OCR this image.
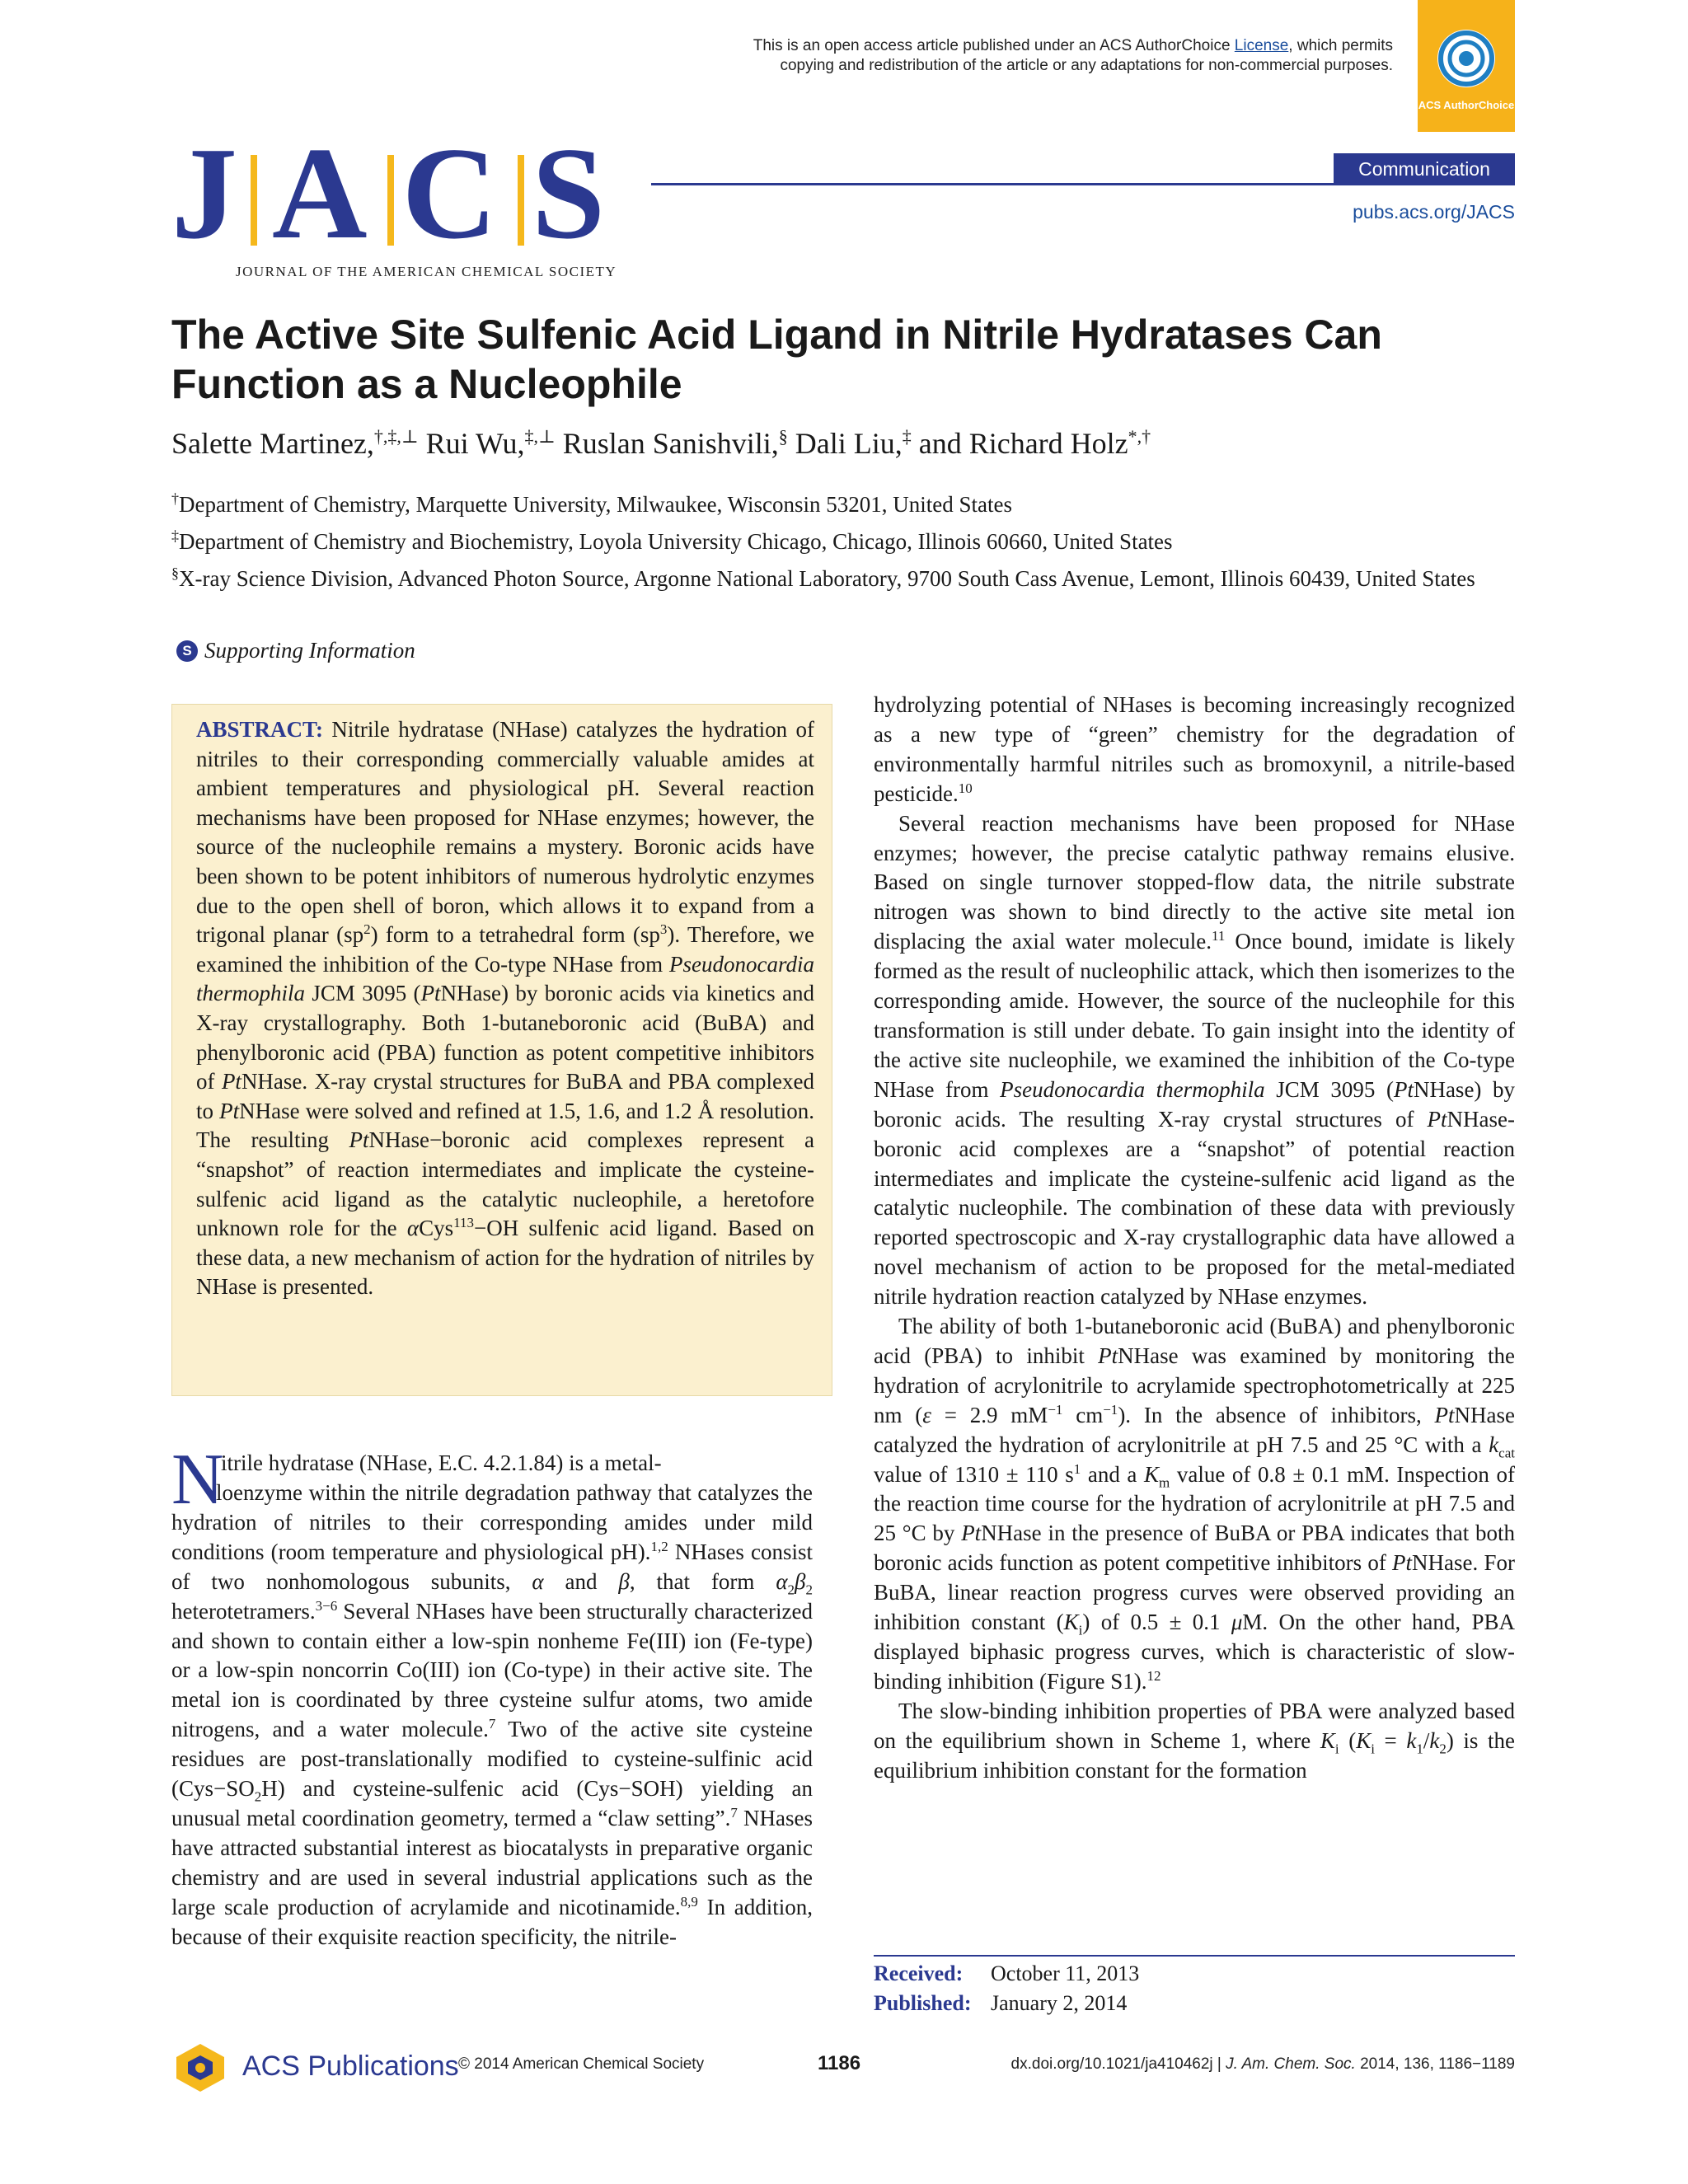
This is an open access article published under an ACS AuthorChoice License, which permits
copying and redistribution of the article or any adaptations for non-commercial purposes.
ACS AuthorChoice
J A C S
JOURNAL OF THE AMERICAN CHEMICAL SOCIETY
Communication
pubs.acs.org/JACS
The Active Site Sulfenic Acid Ligand in Nitrile Hydratases Can Function as a Nucleophile
Salette Martinez,†,‡,⊥ Rui Wu,‡,⊥ Ruslan Sanishvili,§ Dali Liu,‡ and Richard Holz*,†
†Department of Chemistry, Marquette University, Milwaukee, Wisconsin 53201, United States
‡Department of Chemistry and Biochemistry, Loyola University Chicago, Chicago, Illinois 60660, United States
§X-ray Science Division, Advanced Photon Source, Argonne National Laboratory, 9700 South Cass Avenue, Lemont, Illinois 60439, United States
S Supporting Information
ABSTRACT: Nitrile hydratase (NHase) catalyzes the hydration of nitriles to their corresponding commercially valuable amides at ambient temperatures and physiological pH. Several reaction mechanisms have been proposed for NHase enzymes; however, the source of the nucleophile remains a mystery. Boronic acids have been shown to be potent inhibitors of numerous hydrolytic enzymes due to the open shell of boron, which allows it to expand from a trigonal planar $(sp^2)$ form to a tetrahedral form $(sp^3)$. Therefore, we examined the inhibition of the Co-type NHase from Pseudonocardia thermophila JCM 3095 (PtNHase) by boronic acids via kinetics and X-ray crystallography. Both 1-butaneboronic acid (BuBA) and phenylboronic acid (PBA) function as potent competitive inhibitors of PtNHase. X-ray crystal structures for BuBA and PBA complexed to PtNHase were solved and refined at 1.5, 1.6, and 1.2 Å resolution. The resulting PtNHase−boronic acid complexes represent a “snapshot” of reaction intermediates and implicate the cysteine-sulfenic acid ligand as the catalytic nucleophile, a heretofore unknown role for the αCys$^{113}$−OH sulfenic acid ligand. Based on these data, a new mechanism of action for the hydration of nitriles by NHase is presented.
N
itrile hydratase (NHase, E.C. 4.2.1.84) is a metal-
loenzyme within the nitrile degradation pathway that catalyzes the hydration of nitriles to their corresponding amides under mild conditions (room temperature and physiological pH).$^{1,2}$ NHases consist of two nonhomologous subunits, α and β, that form $\alpha_2\beta_2$ heterotetramers.$^{3-6}$ Several NHases have been structurally characterized and shown to contain either a low-spin nonheme Fe(III) ion (Fe-type) or a low-spin noncorrin Co(III) ion (Co-type) in their active site. The metal ion is coordinated by three cysteine sulfur atoms, two amide nitrogens, and a water molecule.$^7$ Two of the active site cysteine residues are post-translationally modified to cysteine-sulfinic acid $(Cys-SO_2H)$ and cysteine-sulfenic acid (Cys−SOH) yielding an unusual metal coordination geometry, termed a “claw setting”.$^7$ NHases have attracted substantial interest as biocatalysts in preparative organic chemistry and are used in several industrial applications such as the large scale production of acrylamide and nicotinamide.$^{8,9}$ In addition, because of their exquisite reaction specificity, the nitrile-
hydrolyzing potential of NHases is becoming increasingly recognized as a new type of “green” chemistry for the degradation of environmentally harmful nitriles such as bromoxynil, a nitrile-based pesticide.$^{10}$
Several reaction mechanisms have been proposed for NHase enzymes; however, the precise catalytic pathway remains elusive. Based on single turnover stopped-flow data, the nitrile substrate nitrogen was shown to bind directly to the active site metal ion displacing the axial water molecule.$^{11}$ Once bound, imidate is likely formed as the result of nucleophilic attack, which then isomerizes to the corresponding amide. However, the source of the nucleophile for this transformation is still under debate. To gain insight into the identity of the active site nucleophile, we examined the inhibition of the Co-type NHase from Pseudonocardia thermophila JCM 3095 (PtNHase) by boronic acids. The resulting X-ray crystal structures of PtNHase-boronic acid complexes are a “snapshot” of potential reaction intermediates and implicate the cysteine-sulfenic acid ligand as the catalytic nucleophile. The combination of these data with previously reported spectroscopic and X-ray crystallographic data have allowed a novel mechanism of action to be proposed for the metal-mediated nitrile hydration reaction catalyzed by NHase enzymes.
The ability of both 1-butaneboronic acid (BuBA) and phenylboronic acid (PBA) to inhibit PtNHase was examined by monitoring the hydration of acrylonitrile to acrylamide spectrophotometrically at 225 nm (ε = 2.9 $mM^{-1}$ $cm^{-1}$). In the absence of inhibitors, PtNHase catalyzed the hydration of acrylonitrile at pH 7.5 and 25 °C with a $k_{cat}$ value of 1310 ± 110 $s^1$ and a $K_m$ value of 0.8 ± 0.1 mM. Inspection of the reaction time course for the hydration of acrylonitrile at pH 7.5 and 25 °C by PtNHase in the presence of BuBA or PBA indicates that both boronic acids function as potent competitive inhibitors of PtNHase. For BuBA, linear reaction progress curves were observed providing an inhibition constant $(K_i)$ of 0.5 ± 0.1 μM. On the other hand, PBA displayed biphasic progress curves, which is characteristic of slow-binding inhibition (Figure S1).$^{12}$
The slow-binding inhibition properties of PBA were analyzed based on the equilibrium shown in Scheme 1, where $K_i$ $(K_i = k_1/k_2)$ is the equilibrium inhibition constant for the formation
Received: October 11, 2013
Published: January 2, 2014
ACS Publications © 2014 American Chemical Society	1186	dx.doi.org/10.1021/ja410462j | J. Am. Chem. Soc. 2014, 136, 1186−1189
